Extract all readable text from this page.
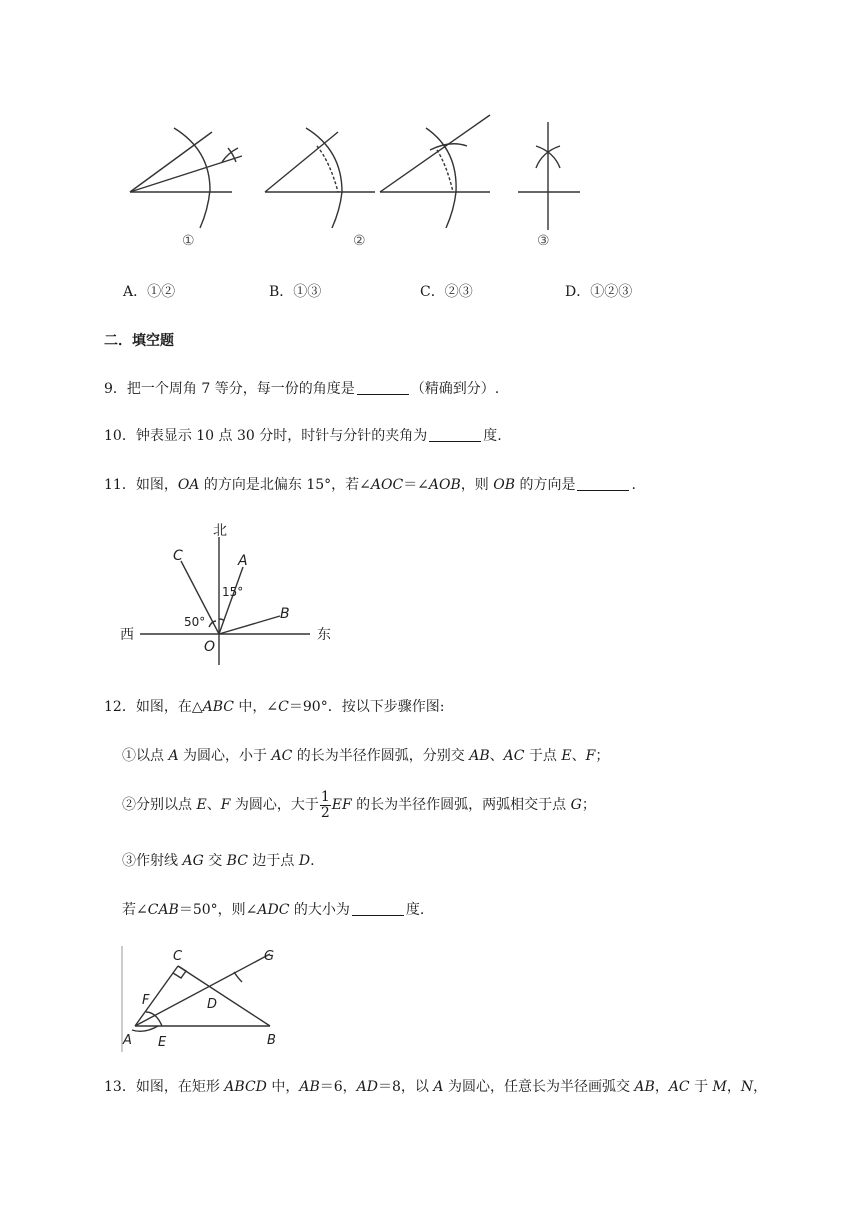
①	②	③
A．①②	B．①③	C．②③	D．①②③
二．填空题
9．把一个周角 7 等分，每一份的角度是	（精确到分）.
10．钟表显示 10 点 30 分时，时针与分针的夹角为	度.
11．如图，OA 的方向是北偏东 15°，若∠AOC＝∠AOB，则 OB 的方向是	.
北
西	东
C	A
B
O
50°
15°
12．如图，在△ABC 中，∠C＝90°．按以下步骤作图:
①以点 A 为圆心，小于 AC 的长为半径作圆弧，分别交 AB、AC 于点 E、F；
②分别以点 E、F 为圆心，大于 $\frac{1}{2}$ EF 的长为半径作圆弧，两弧相交于点 G；
③作射线 AG 交 BC 边于点 D.
若∠CAB＝50°，则∠ADC 的大小为	度.
C	G
F	D
A E	B
13．如图，在矩形 ABCD 中，AB＝6，AD＝8，以 A 为圆心，任意长为半径画弧交 AB，AC 于 M，N，
